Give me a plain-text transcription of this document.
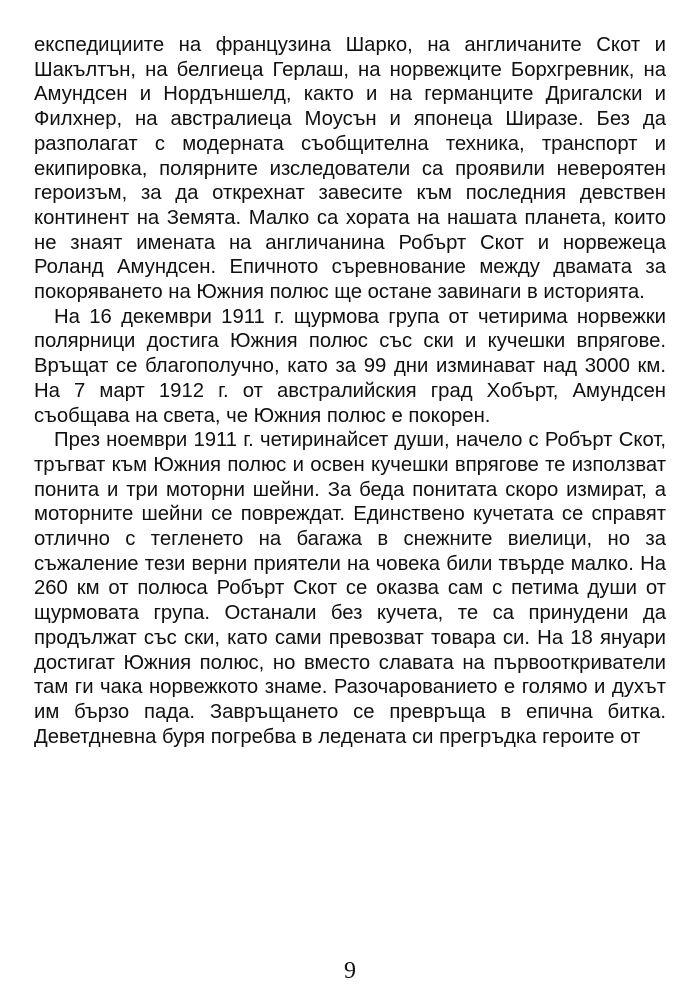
експедициите на французина Шарко, на англичаните Скот и Шакълтън, на белгиеца Герлаш, на норвежците Борхгревник, на Амундсен и Нордъншелд, както и на германците Дригалски и Филхнер, на австралиеца Моусън и японеца Ширазе. Без да разполагат с модерната съобщителна техника, транспорт и екипировка, полярните изследователи са проявили невероятен героизъм, за да открехнат завесите към последния девствен континент на Земята. Малко са хората на нашата планета, които не знаят имената на англичанина Робърт Скот и норвежеца Роланд Амундсен. Епичното съревнование между двамата за покоряването на Южния полюс ще остане завинаги в историята.

На 16 декември 1911 г. щурмова група от четирима норвежки полярници достига Южния полюс със ски и кучешки впрягове. Връщат се благополучно, като за 99 дни изминават над 3000 км. На 7 март 1912 г. от австралийския град Хобърт, Амундсен съобщава на света, че Южния полюс е покорен.

През ноември 1911 г. четиринайсет души, начело с Робърт Скот, тръгват към Южния полюс и освен кучешки впрягове те използват понита и три моторни шейни. За беда понитата скоро измират, а моторните шейни се повреждат. Единствено кучетата се справят отлично с тегленето на багажа в снежните виелици, но за съжаление тези верни приятели на човека били твърде малко. На 260 км от полюса Робърт Скот се оказва сам с петима души от щурмовата група. Останали без кучета, те са принудени да продължат със ски, като сами превозват товара си. На 18 януари достигат Южния полюс, но вместо славата на първооткриватели там ги чака норвежкото знаме. Разочарованието е голямо и духът им бързо пада. Завръщането се превръща в епична битка. Деветдневна буря погребва в ледената си прегръдка героите от

9
